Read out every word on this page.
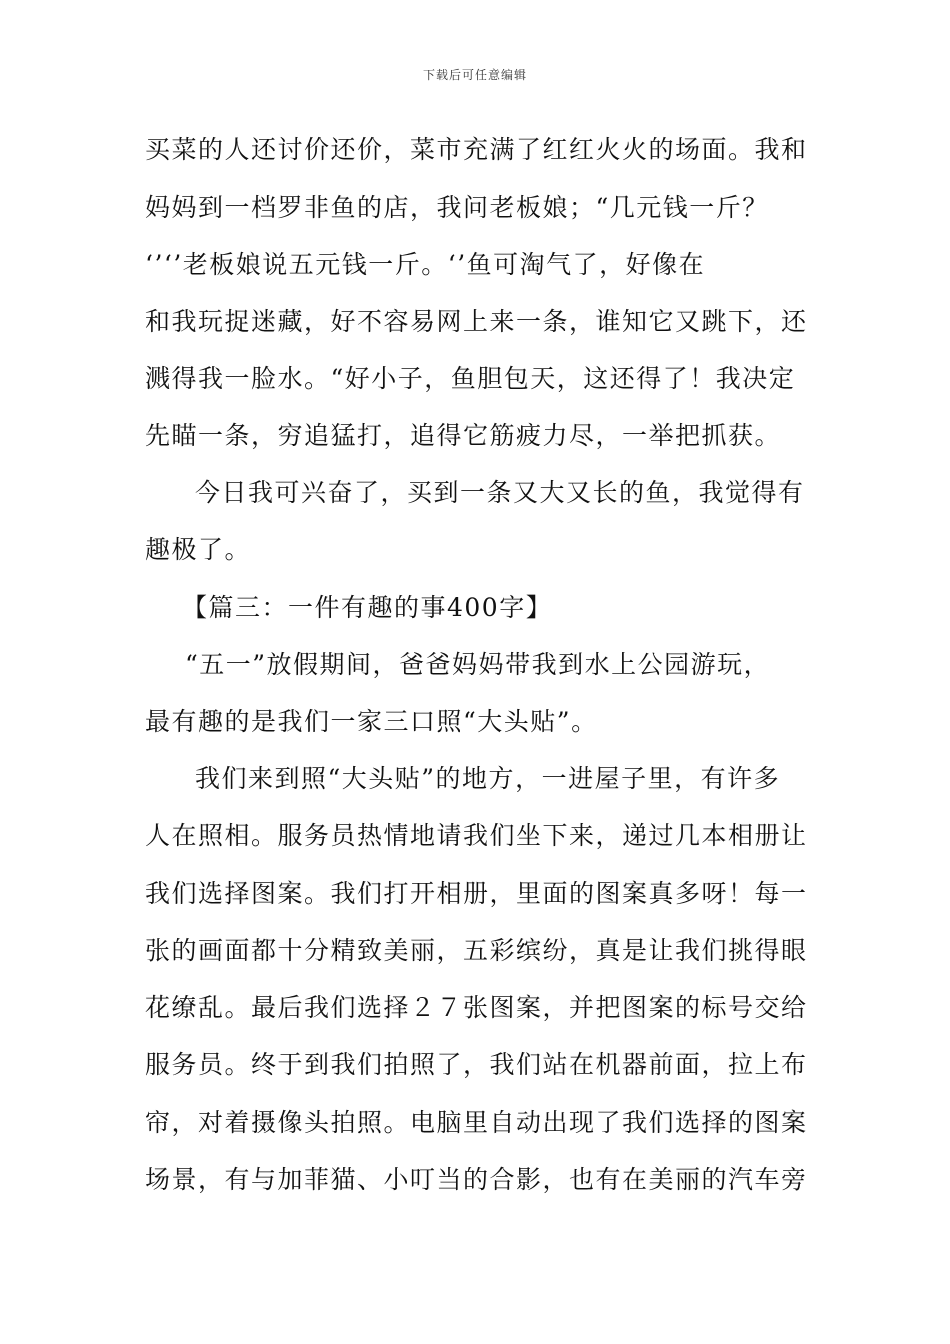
下载后可任意编辑
买菜的人还讨价还价，菜市充满了红红火火的场面。我和
妈妈到一档罗非鱼的店，我问老板娘；“几元钱一斤？
‘’‘’老板娘说五元钱一斤。‘’鱼可淘气了，好像在
和我玩捉迷藏，好不容易网上来一条，谁知它又跳下，还
溅得我一脸水。“好小子，鱼胆包天，这还得了！我决定
先瞄一条，穷追猛打，追得它筋疲力尽，一举把抓获。
今日我可兴奋了，买到一条又大又长的鱼，我觉得有
趣极了。
【篇三：一件有趣的事400字】
“五一”放假期间，爸爸妈妈带我到水上公园游玩，
最有趣的是我们一家三口照“大头贴”。
我们来到照“大头贴”的地方，一进屋子里，有许多
人在照相。服务员热情地请我们坐下来，递过几本相册让
我们选择图案。我们打开相册，里面的图案真多呀！每一
张的画面都十分精致美丽，五彩缤纷，真是让我们挑得眼
花缭乱。最后我们选择２７张图案，并把图案的标号交给
服务员。终于到我们拍照了，我们站在机器前面，拉上布
帘，对着摄像头拍照。电脑里自动出现了我们选择的图案
场景，有与加菲猫、小叮当的合影，也有在美丽的汽车旁
